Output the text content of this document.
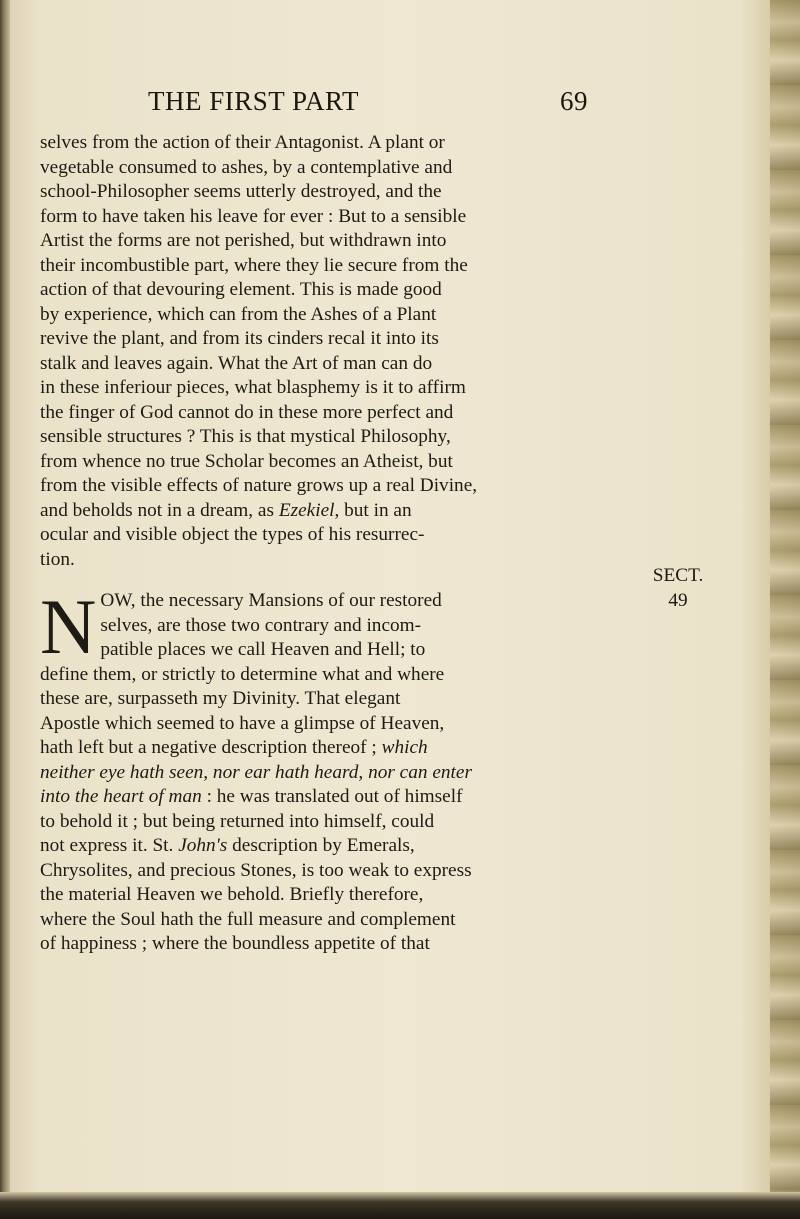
THE FIRST PART	69
selves from the action of their Antagonist. A plant or
vegetable consumed to ashes, by a contemplative and
school-Philosopher seems utterly destroyed, and the
form to have taken his leave for ever : But to a sensible
Artist the forms are not perished, but withdrawn into
their incombustible part, where they lie secure from the
action of that devouring element. This is made good
by experience, which can from the Ashes of a Plant
revive the plant, and from its cinders recal it into its
stalk and leaves again. What the Art of man can do
in these inferiour pieces, what blasphemy is it to affirm
the finger of God cannot do in these more perfect and
sensible structures ? This is that mystical Philosophy,
from whence no true Scholar becomes an Atheist, but
from the visible effects of nature grows up a real Divine,
and beholds not in a dream, as Ezekiel, but in an
ocular and visible object the types of his resurrec-
tion.
N OW, the necessary Mansions of our restored
selves, are those two contrary and incom-
patible places we call Heaven and Hell; to
define them, or strictly to determine what and where
these are, surpasseth my Divinity. That elegant
Apostle which seemed to have a glimpse of Heaven,
hath left but a negative description thereof ; which
neither eye hath seen, nor ear hath heard, nor can enter
into the heart of man : he was translated out of himself
to behold it ; but being returned into himself, could
not express it. St. John's description by Emerals,
Chrysolites, and precious Stones, is too weak to express
the material Heaven we behold. Briefly therefore,
where the Soul hath the full measure and complement
of happiness ; where the boundless appetite of that
SECT.
49
